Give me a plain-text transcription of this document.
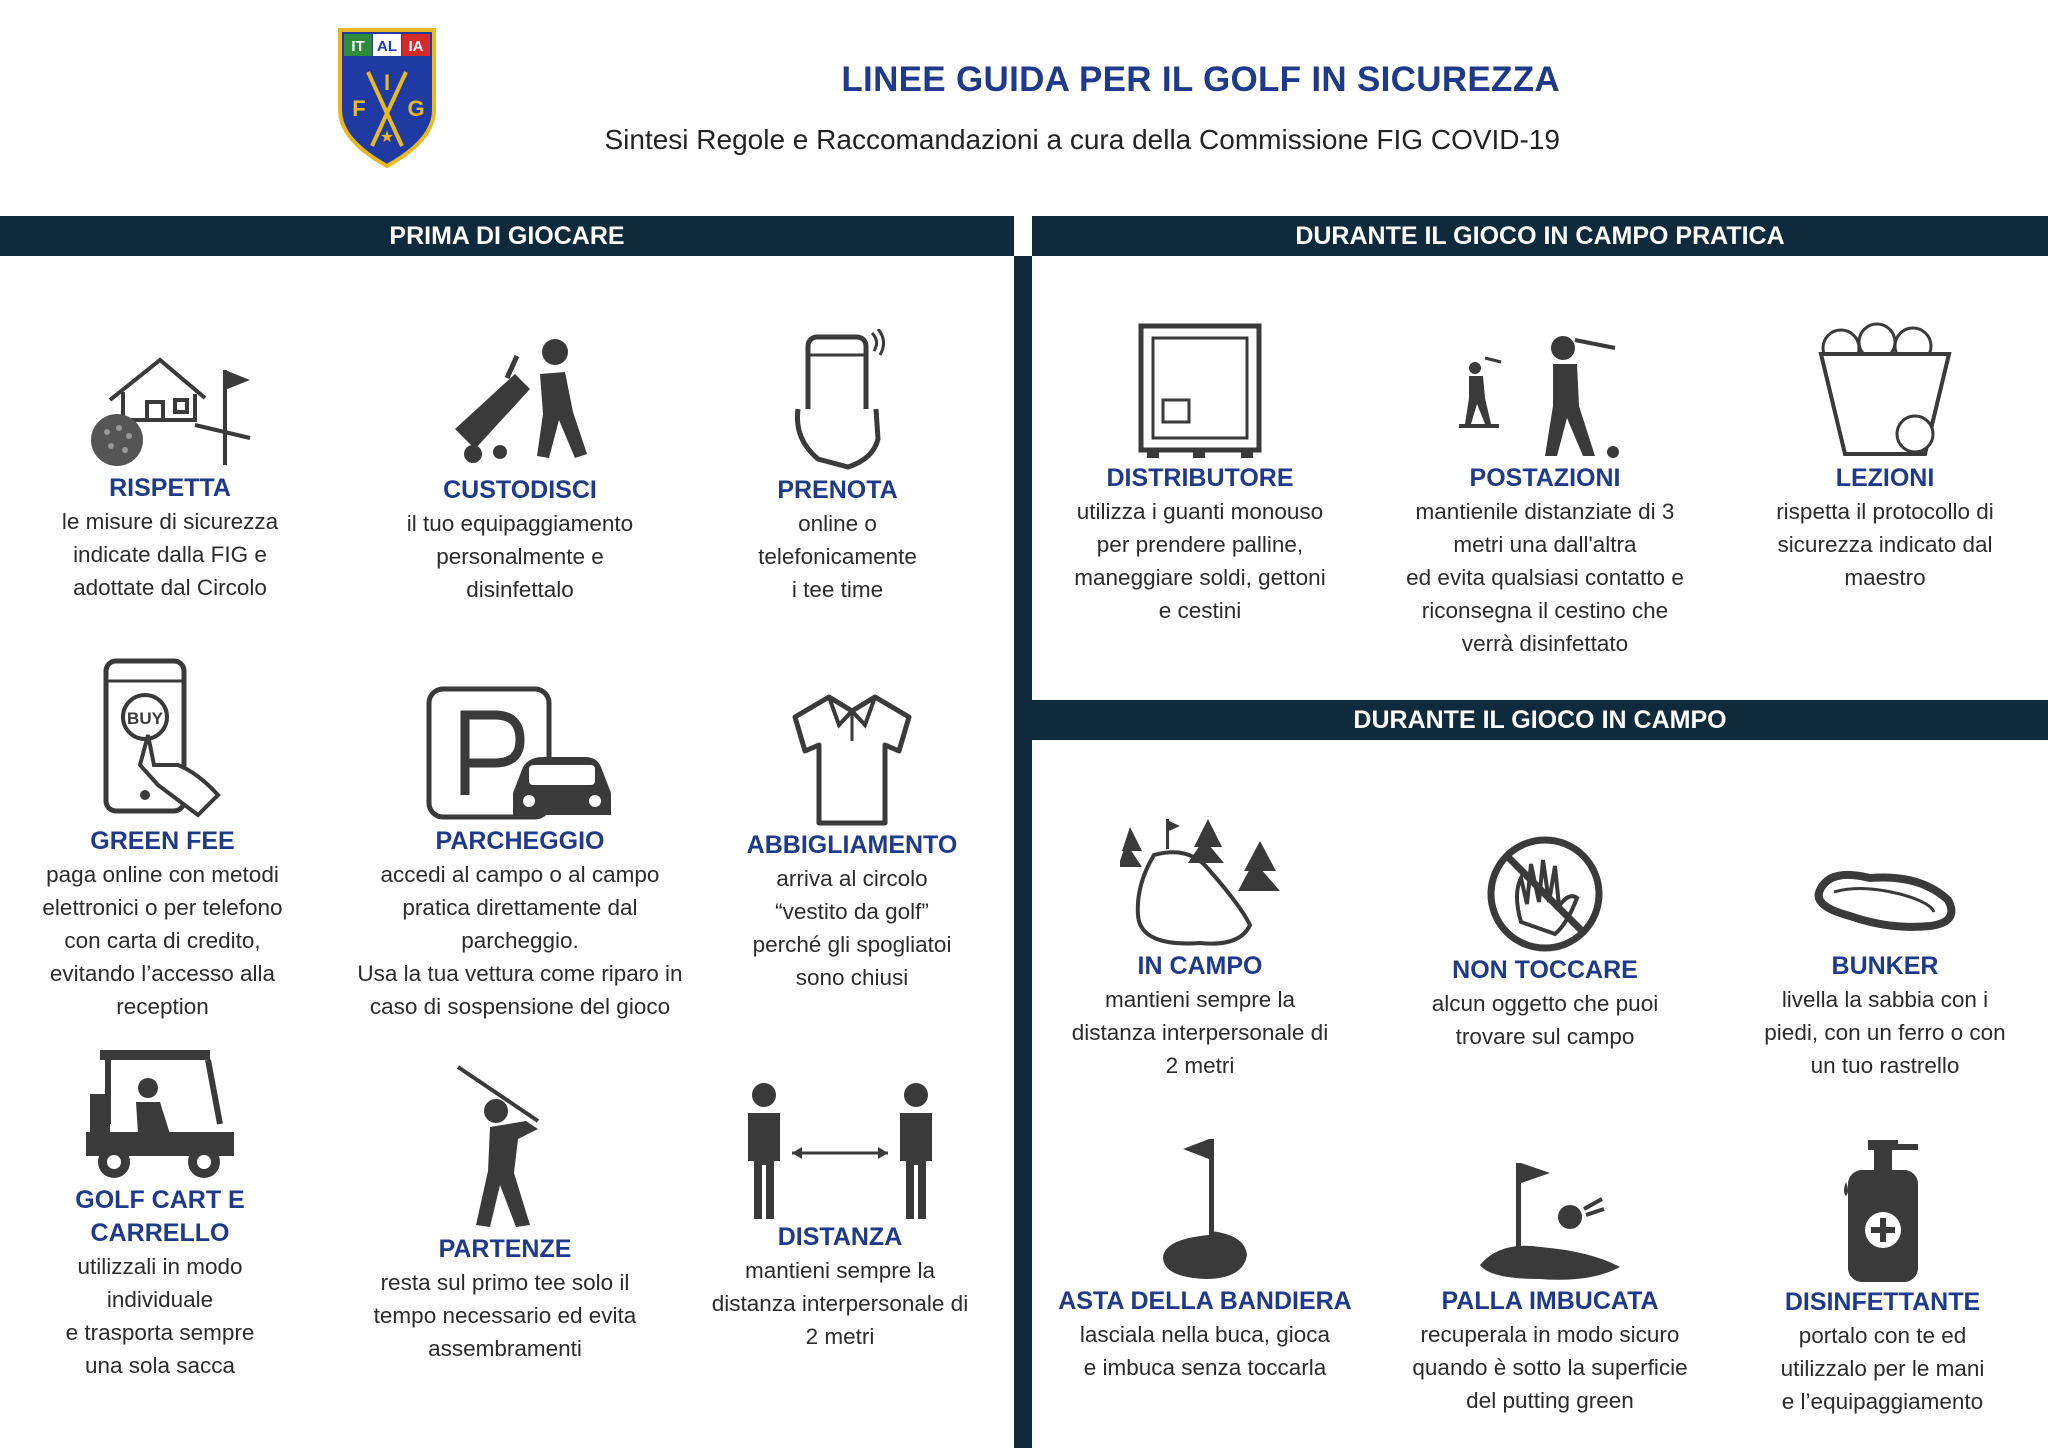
IT AL IA
I
F G
★
LINEE GUIDA PER IL GOLF IN SICUREZZA
Sintesi Regole e Raccomandazioni a cura della Commissione FIG COVID-19
PRIMA DI GIOCARE	DURANTE IL GIOCO IN CAMPO PRATICA
DURANTE IL GIOCO IN CAMPO
RISPETTA
le misure di sicurezza
indicate dalla FIG e
adottate dal Circolo
CUSTODISCI
il tuo equipaggiamento
personalmente e
disinfettalo
PRENOTA
online o
telefonicamente
i tee time
BUY
GREEN FEE
paga online con metodi
elettronici o per telefono
con carta di credito,
evitando l’accesso alla
reception
PARCHEGGIO
accedi al campo o al campo
pratica direttamente dal
parcheggio.
Usa la tua vettura come riparo in
caso di sospensione del gioco
ABBIGLIAMENTO
arriva al circolo
“vestito da golf”
perché gli spogliatoi
sono chiusi
GOLF CART E
CARRELLO
utilizzali in modo
individuale
e trasporta sempre
una sola sacca
PARTENZE
resta sul primo tee solo il
tempo necessario ed evita
assembramenti
DISTANZA
mantieni sempre la
distanza interpersonale di
2 metri
DISTRIBUTORE
utilizza i guanti monouso
per prendere palline,
maneggiare soldi, gettoni
e cestini
POSTAZIONI
mantienile distanziate di 3
metri una dall'altra
ed evita qualsiasi contatto e
riconsegna il cestino che
verrà disinfettato
LEZIONI
rispetta il protocollo di
sicurezza indicato dal
maestro
IN CAMPO
mantieni sempre la
distanza interpersonale di
2 metri
NON TOCCARE
alcun oggetto che puoi
trovare sul campo
BUNKER
livella la sabbia con i
piedi, con un ferro o con
un tuo rastrello
ASTA DELLA BANDIERA
lasciala nella buca, gioca
e imbuca senza toccarla
PALLA IMBUCATA
recuperala in modo sicuro
quando è sotto la superficie
del putting green
DISINFETTANTE
portalo con te ed
utilizzalo per le mani
e l’equipaggiamento
